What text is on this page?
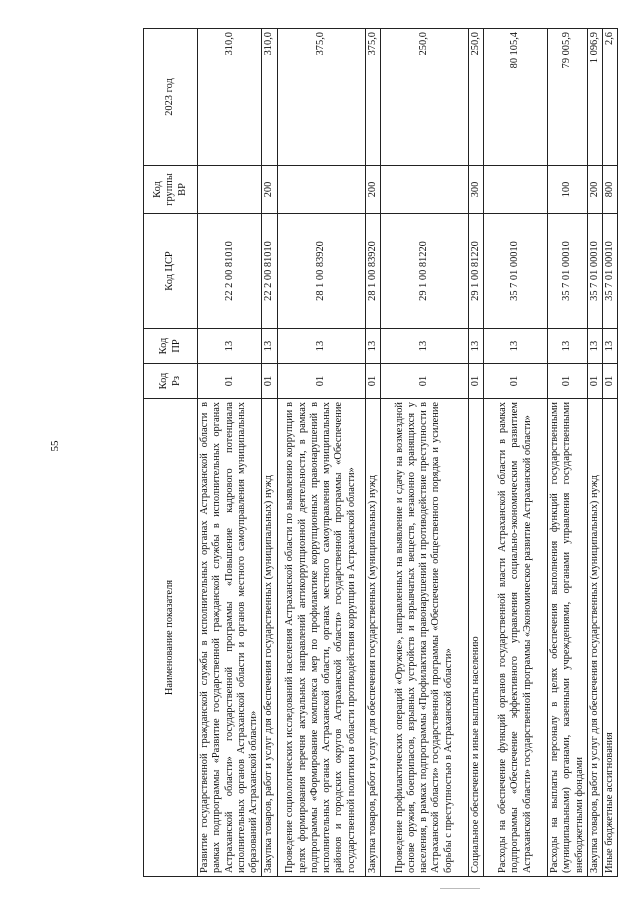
55
Наименование показателя	Код Рз	Код ПР	Код ЦСР	Код группы ВР	2023 год
Развитие государственной гражданской службы в исполнительных органах Астраханской области в рамках подпрограммы «Развитие государственной гражданской службы в исполнительных органах Астраханской области» государственной программы «Повышение кадрового потенциала исполнительных органов Астраханской области и органов местного самоуправления муниципальных образований Астраханской области»	01	13	22 2 00 81010		310,0
Закупка товаров, работ и услуг для обеспечения государственных (муниципальных) нужд	01	13	22 2 00 81010	200	310,0
Проведение социологических исследований населения Астраханской области по выявлению коррупции в целях формирования перечня актуальных направлений антикоррупционной деятельности, в рамках подпрограммы «Формирование комплекса мер по профилактике коррупционных правонарушений в исполнительных органах Астраханской области, органах местного самоуправления муниципальных районов и городских округов Астраханской области» государственной программы «Обеспечение государственной политики в области противодействия коррупции в Астраханской области»	01	13	28 1 00 83920		375,0
Закупка товаров, работ и услуг для обеспечения государственных (муниципальных) нужд	01	13	28 1 00 83920	200	375,0
Проведение профилактических операций «Оружие», направленных на выявление и сдачу на возмездной основе оружия, боеприпасов, взрывных устройств и взрывчатых веществ, незаконно хранящихся у населения, в рамках подпрограммы «Профилактика правонарушений и противодействие преступности в Астраханской области» государственной программы «Обеспечение общественного порядка и усиление борьбы с преступностью в Астраханской области»	01	13	29 1 00 81220		250,0
Социальное обеспечение и иные выплаты населению	01	13	29 1 00 81220	300	250,0
Расходы на обеспечение функций органов государственной власти Астраханской области в рамках подпрограммы «Обеспечение эффективного управления социально-экономическим развитием Астраханской области» государственной программы «Экономическое развитие Астраханской области»	01	13	35 7 01 00010		80 105,4
Расходы на выплаты персоналу в целях обеспечения выполнения функций государственными (муниципальными) органами, казенными учреждениями, органами управления государственными внебюджетными фондами	01	13	35 7 01 00010	100	79 005,9
Закупка товаров, работ и услуг для обеспечения государственных (муниципальных) нужд	01	13	35 7 01 00010	200	1 096,9
Иные бюджетные ассигнования	01	13	35 7 01 00010	800	2,6
